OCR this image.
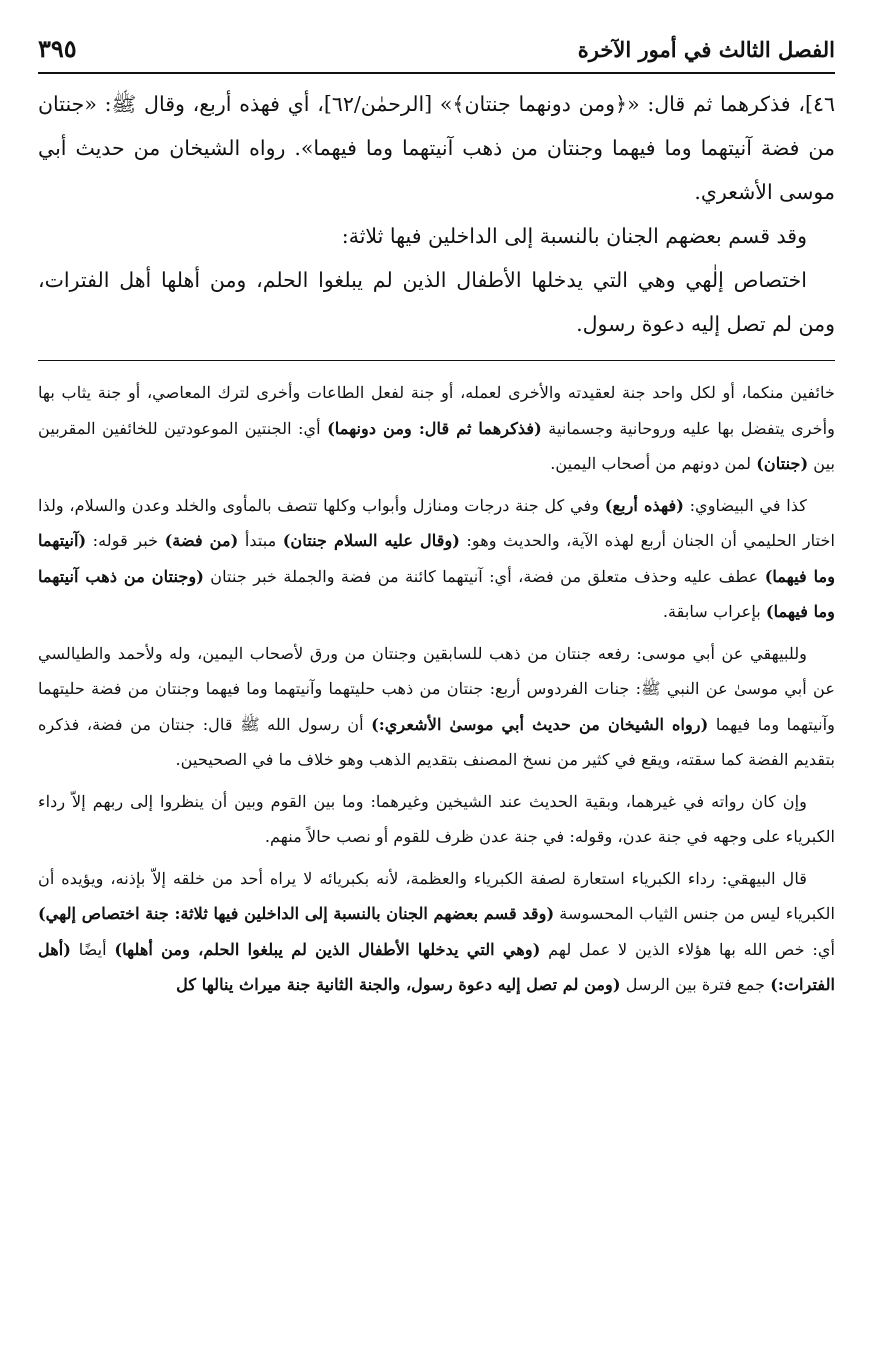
الفصل الثالث في أمور الآخرة
٣٩٥

٤٦]، فذكرهما ثم قال: «﴿ومن دونهما جنتان﴾» [الرحمٰن/٦٢]، أي فهذه أربع، وقال ﷺ: «جنتان من فضة آنيتهما وما فيهما وجنتان من ذهب آنيتهما وما فيهما». رواه الشيخان من حديث أبي موسى الأشعري.

وقد قسم بعضهم الجنان بالنسبة إلى الداخلين فيها ثلاثة:

اختصاص إلٰهي وهي التي يدخلها الأطفال الذين لم يبلغوا الحلم، ومن أهلها أهل الفترات، ومن لم تصل إليه دعوة رسول.

خائفين منكما، أو لكل واحد جنة لعقيدته والأخرى لعمله، أو جنة لفعل الطاعات وأخرى لترك المعاصي، أو جنة يثاب بها وأخرى يتفضل بها عليه وروحانية وجسمانية (فذكرهما ثم قال: ومن دونهما) أي: الجنتين الموعودتين للخائفين المقربين بين (جنتان) لمن دونهم من أصحاب اليمين.

كذا في البيضاوي: (فهذه أربع) وفي كل جنة درجات ومنازل وأبواب وكلها تتصف بالمأوى والخلد وعدن والسلام، ولذا اختار الحليمي أن الجنان أربع لهذه الآية، والحديث وهو: (وقال عليه السلام جنتان) مبتدأ (من فضة) خبر قوله: (آنيتهما وما فيهما) عطف عليه وحذف متعلق من فضة، أي: آنيتهما كائنة من فضة والجملة خبر جنتان (وجنتان من ذهب آنيتهما وما فيهما) بإعراب سابقة.

وللبيهقي عن أبي موسى: رفعه جنتان من ذهب للسابقين وجنتان من ورق لأصحاب اليمين، وله ولأحمد والطيالسي عن أبي موسىٰ عن النبي ﷺ: جنات الفردوس أربع: جنتان من ذهب حليتهما وآنيتهما وما فيهما وجنتان من فضة حليتهما وآنيتهما وما فيهما (رواه الشيخان من حديث أبي موسىٰ الأشعري:) أن رسول الله ﷺ قال: جنتان من فضة، فذكره بتقديم الفضة كما سقته، ويقع في كثير من نسخ المصنف بتقديم الذهب وهو خلاف ما في الصحيحين.

وإن كان رواته في غيرهما، وبقية الحديث عند الشيخين وغيرهما: وما بين القوم وبين أن ينظروا إلى ربهم إلاّ رداء الكبرياء على وجهه في جنة عدن، وقوله: في جنة عدن ظرف للقوم أو نصب حالاً منهم.

قال البيهقي: رداء الكبرياء استعارة لصفة الكبرياء والعظمة، لأنه بكبريائه لا يراه أحد من خلقه إلاّ بإذنه، ويؤيده أن الكبرياء ليس من جنس الثياب المحسوسة (وقد قسم بعضهم الجنان بالنسبة إلى الداخلين فيها ثلاثة: جنة اختصاص إلهي) أي: خص الله بها هؤلاء الذين لا عمل لهم (وهي التي يدخلها الأطفال الذين لم يبلغوا الحلم، ومن أهلها) أيضًا (أهل الفترات:) جمع فترة بين الرسل (ومن لم تصل إليه دعوة رسول، والجنة الثانية جنة ميراث ينالها كل
